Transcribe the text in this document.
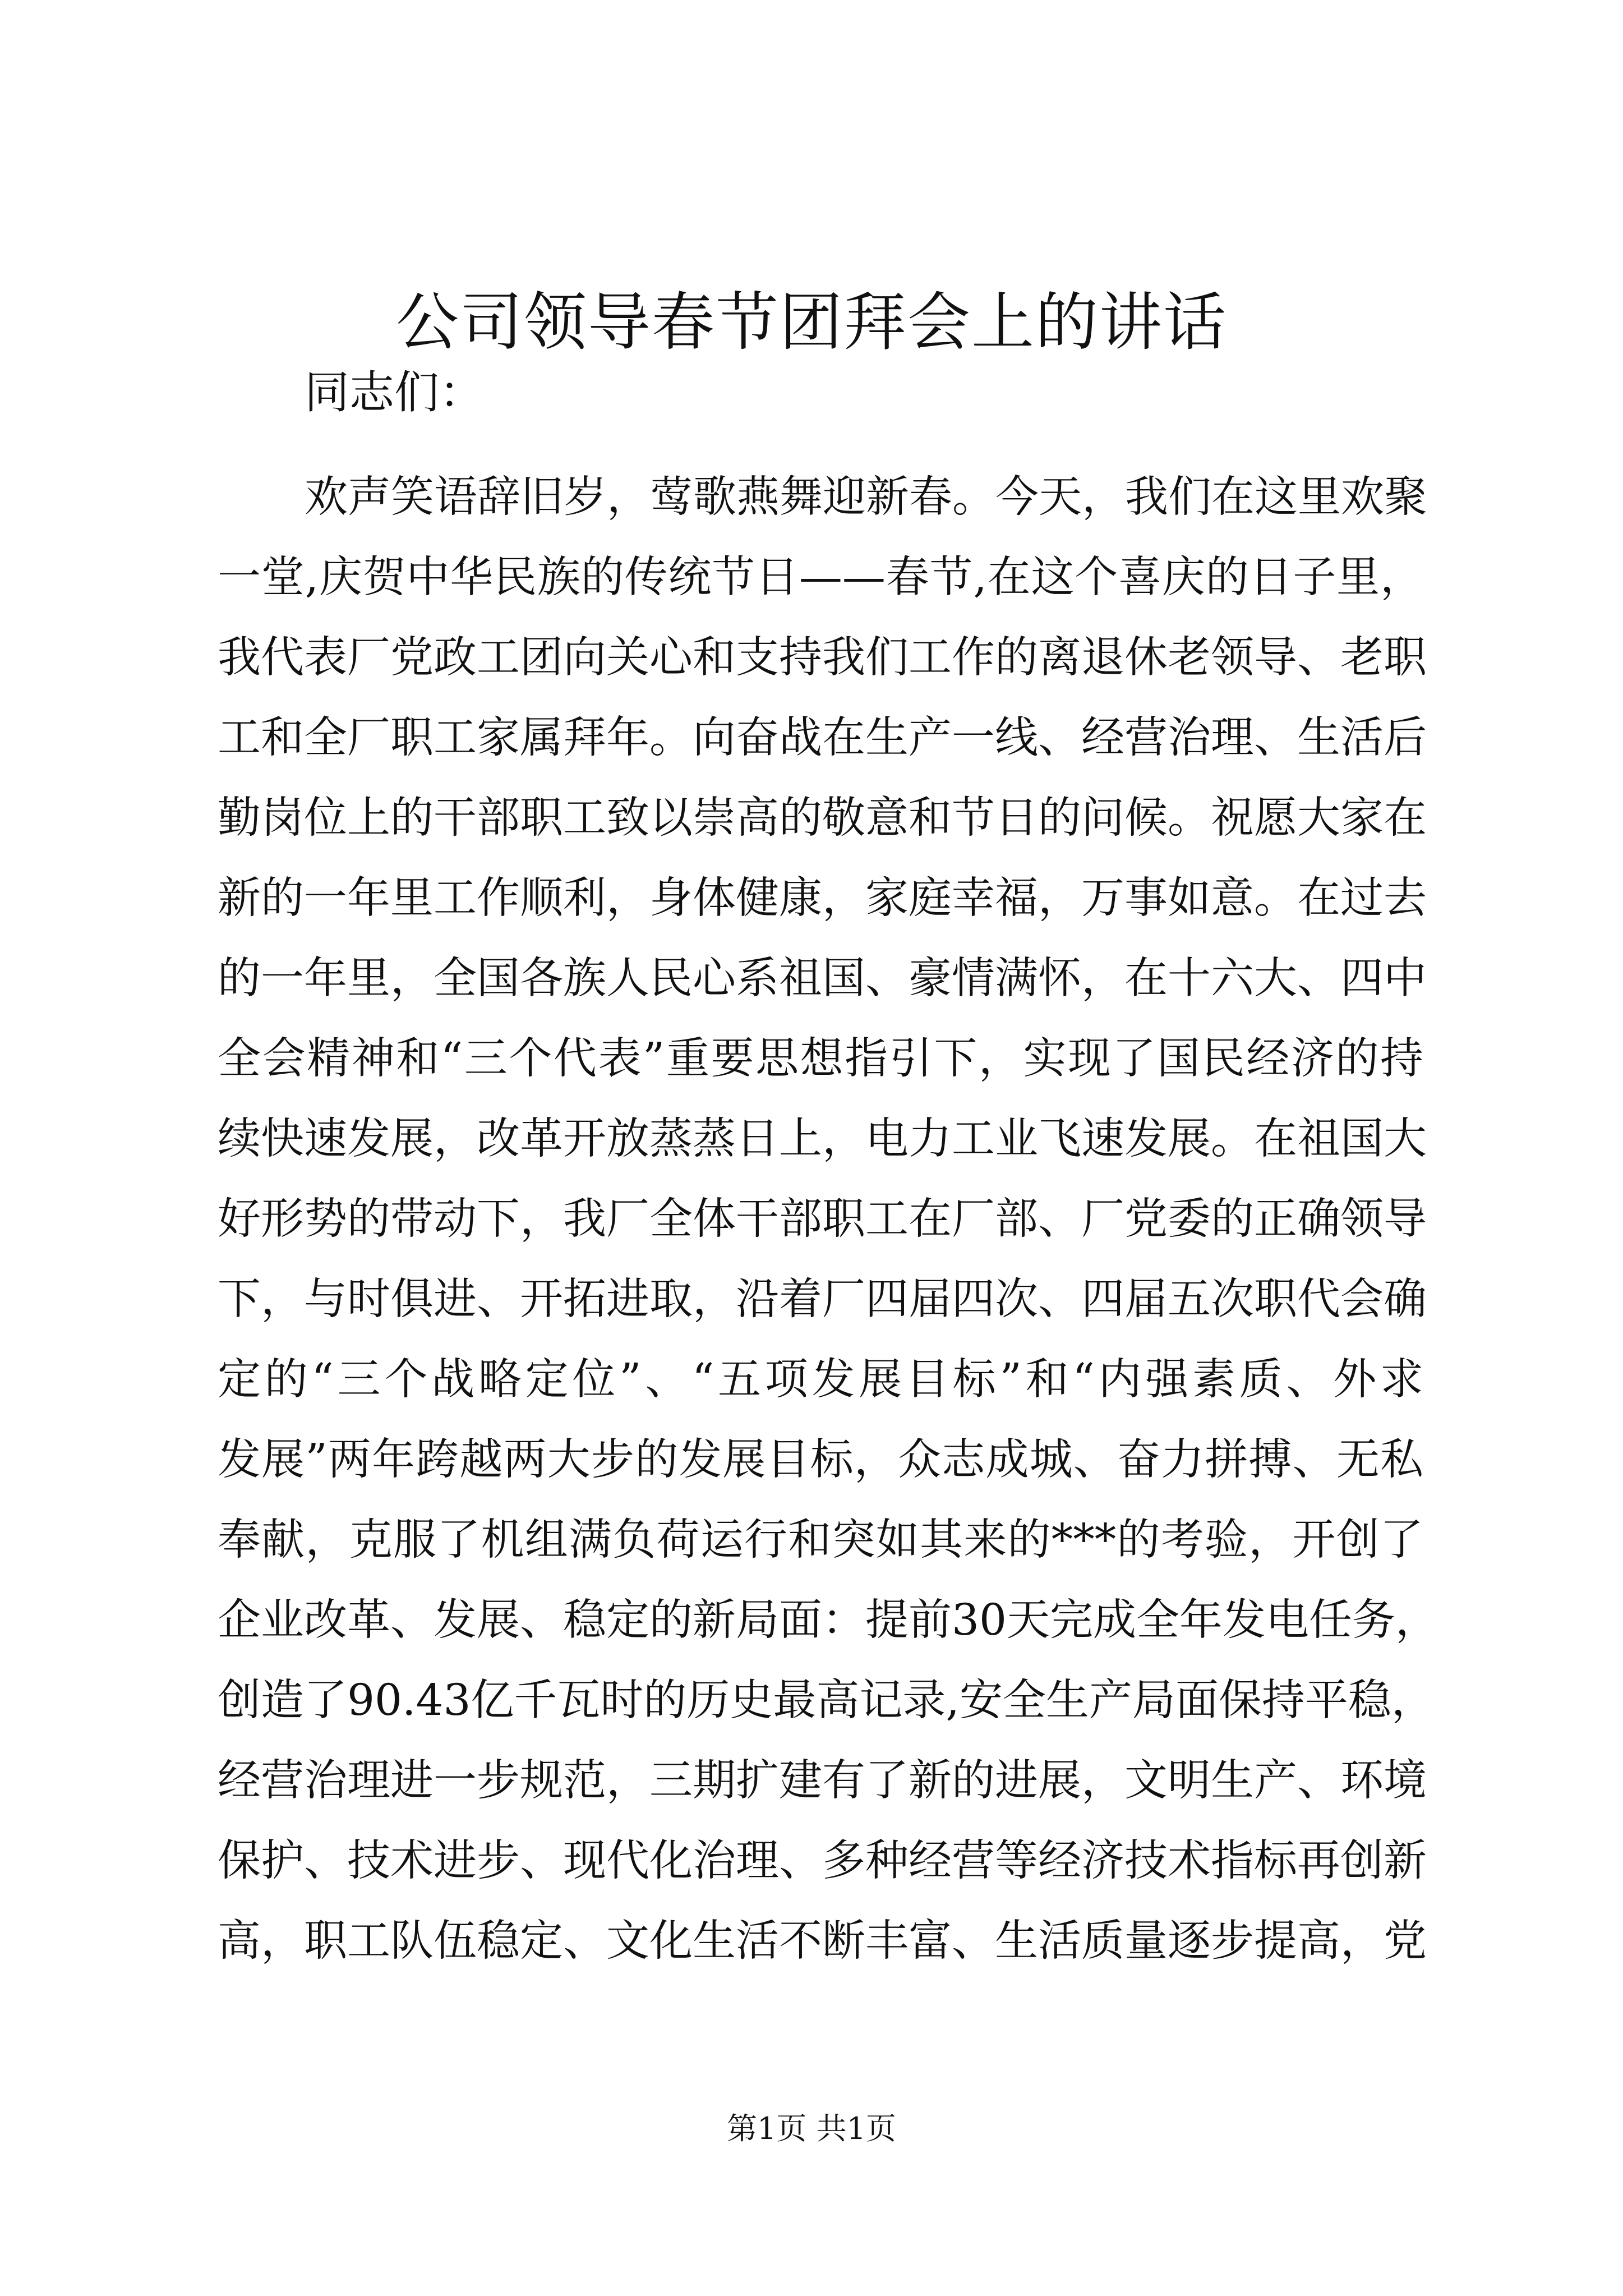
公司领导春节团拜会上的讲话
同志们：
欢声笑语辞旧岁，莺歌燕舞迎新春。今天，我们在这里欢聚
一堂,庆贺中华民族的传统节日——春节,在这个喜庆的日子里，
我代表厂党政工团向关心和支持我们工作的离退休老领导、老职
工和全厂职工家属拜年。向奋战在生产一线、经营治理、生活后
勤岗位上的干部职工致以崇高的敬意和节日的问候。祝愿大家在
新的一年里工作顺利，身体健康，家庭幸福，万事如意。在过去
的一年里，全国各族人民心系祖国、豪情满怀，在十六大、四中
全会精神和“三个代表”重要思想指引下，实现了国民经济的持
续快速发展，改革开放蒸蒸日上，电力工业飞速发展。在祖国大
好形势的带动下，我厂全体干部职工在厂部、厂党委的正确领导
下，与时俱进、开拓进取，沿着厂四届四次、四届五次职代会确
定的“三个战略定位”、“五项发展目标”和“内强素质、外求
发展”两年跨越两大步的发展目标，众志成城、奋力拼搏、无私
奉献，克服了机组满负荷运行和突如其来的***的考验，开创了
企业改革、发展、稳定的新局面：提前30天完成全年发电任务，
创造了90.43亿千瓦时的历史最高记录,安全生产局面保持平稳，
经营治理进一步规范，三期扩建有了新的进展，文明生产、环境
保护、技术进步、现代化治理、多种经营等经济技术指标再创新
高，职工队伍稳定、文化生活不断丰富、生活质量逐步提高，党
第1页 共1页
